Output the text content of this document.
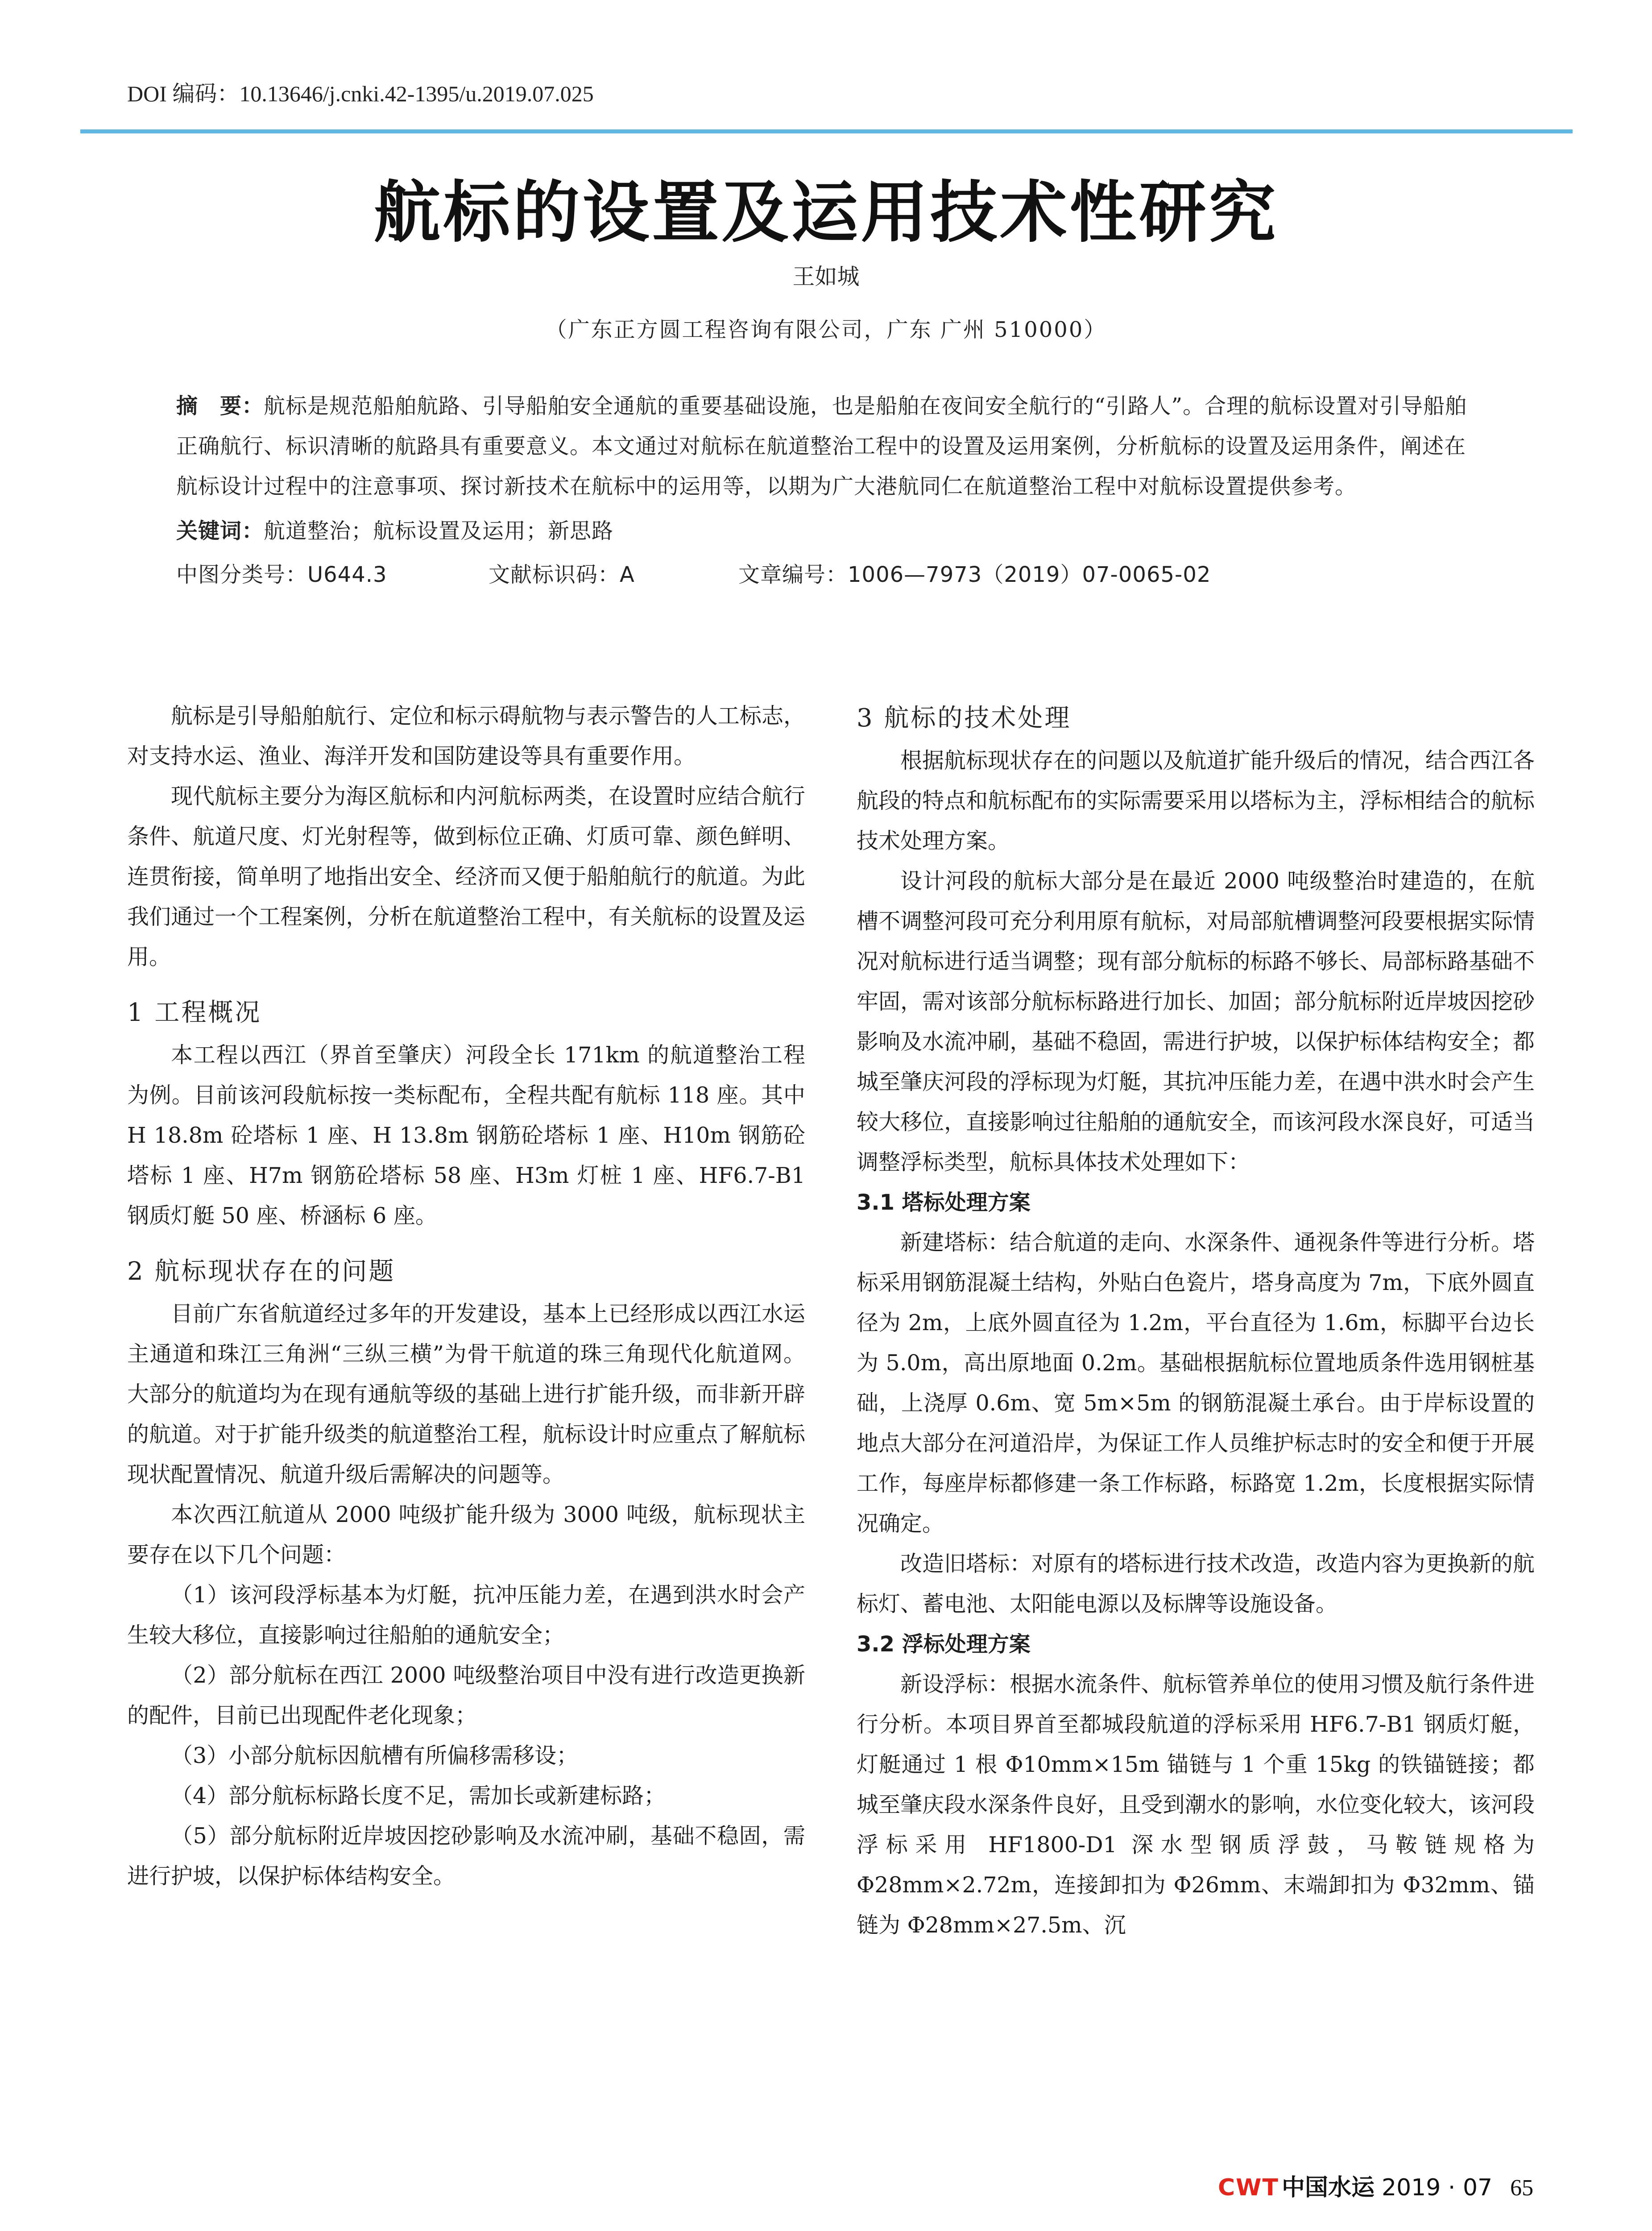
DOI 编码：10.13646/j.cnki.42-1395/u.2019.07.025
航标的设置及运用技术性研究
王如城
（广东正方圆工程咨询有限公司，广东 广州 510000）
摘　要：航标是规范船舶航路、引导船舶安全通航的重要基础设施，也是船舶在夜间安全航行的“引路人”。合理的航标设置对引导船舶正确航行、标识清晰的航路具有重要意义。本文通过对航标在航道整治工程中的设置及运用案例，分析航标的设置及运用条件，阐述在航标设计过程中的注意事项、探讨新技术在航标中的运用等，以期为广大港航同仁在航道整治工程中对航标设置提供参考。
关键词：航道整治；航标设置及运用；新思路
中图分类号：U644.3	文献标识码：A	文章编号：1006—7973（2019）07-0065-02

航标是引导船舶航行、定位和标示碍航物与表示警告的人工标志，对支持水运、渔业、海洋开发和国防建设等具有重要作用。

现代航标主要分为海区航标和内河航标两类，在设置时应结合航行条件、航道尺度、灯光射程等，做到标位正确、灯质可靠、颜色鲜明、连贯衔接，简单明了地指出安全、经济而又便于船舶航行的航道。为此我们通过一个工程案例，分析在航道整治工程中，有关航标的设置及运用。

1 工程概况

本工程以西江（界首至肇庆）河段全长 171km 的航道整治工程为例。目前该河段航标按一类标配布，全程共配有航标 118 座。其中 H 18.8m 砼塔标 1 座、H 13.8m 钢筋砼塔标 1 座、H10m 钢筋砼塔标 1 座、H7m 钢筋砼塔标 58 座、H3m 灯桩 1 座、HF6.7-B1 钢质灯艇 50 座、桥涵标 6 座。

2 航标现状存在的问题

目前广东省航道经过多年的开发建设，基本上已经形成以西江水运主通道和珠江三角洲“三纵三横”为骨干航道的珠三角现代化航道网。大部分的航道均为在现有通航等级的基础上进行扩能升级，而非新开辟的航道。对于扩能升级类的航道整治工程，航标设计时应重点了解航标现状配置情况、航道升级后需解决的问题等。

本次西江航道从 2000 吨级扩能升级为 3000 吨级，航标现状主要存在以下几个问题：

（1）该河段浮标基本为灯艇，抗冲压能力差，在遇到洪水时会产生较大移位，直接影响过往船舶的通航安全；

（2）部分航标在西江 2000 吨级整治项目中没有进行改造更换新的配件，目前已出现配件老化现象；

（3）小部分航标因航槽有所偏移需移设；

（4）部分航标标路长度不足，需加长或新建标路；

（5）部分航标附近岸坡因挖砂影响及水流冲刷，基础不稳固，需进行护坡，以保护标体结构安全。

3 航标的技术处理

根据航标现状存在的问题以及航道扩能升级后的情况，结合西江各航段的特点和航标配布的实际需要采用以塔标为主，浮标相结合的航标技术处理方案。

设计河段的航标大部分是在最近 2000 吨级整治时建造的，在航槽不调整河段可充分利用原有航标，对局部航槽调整河段要根据实际情况对航标进行适当调整；现有部分航标的标路不够长、局部标路基础不牢固，需对该部分航标标路进行加长、加固；部分航标附近岸坡因挖砂影响及水流冲刷，基础不稳固，需进行护坡，以保护标体结构安全；都城至肇庆河段的浮标现为灯艇，其抗冲压能力差，在遇中洪水时会产生较大移位，直接影响过往船舶的通航安全，而该河段水深良好，可适当调整浮标类型，航标具体技术处理如下：

3.1 塔标处理方案

新建塔标：结合航道的走向、水深条件、通视条件等进行分析。塔标采用钢筋混凝土结构，外贴白色瓷片，塔身高度为 7m，下底外圆直径为 2m，上底外圆直径为 1.2m，平台直径为 1.6m，标脚平台边长为 5.0m，高出原地面 0.2m。基础根据航标位置地质条件选用钢桩基础，上浇厚 0.6m、宽 5m×5m 的钢筋混凝土承台。由于岸标设置的地点大部分在河道沿岸，为保证工作人员维护标志时的安全和便于开展工作，每座岸标都修建一条工作标路，标路宽 1.2m，长度根据实际情况确定。

改造旧塔标：对原有的塔标进行技术改造，改造内容为更换新的航标灯、蓄电池、太阳能电源以及标牌等设施设备。

3.2 浮标处理方案

新设浮标：根据水流条件、航标管养单位的使用习惯及航行条件进行分析。本项目界首至都城段航道的浮标采用 HF6.7-B1 钢质灯艇，灯艇通过 1 根 Φ10mm×15m 锚链与 1 个重 15kg 的铁锚链接；都城至肇庆段水深条件良好，且受到潮水的影响，水位变化较大，该河段浮标采用 HF1800-D1 深水型钢质浮鼓，马鞍链规格为 Φ28mm×2.72m，连接卸扣为 Φ26mm、末端卸扣为 Φ32mm、锚链为 Φ28mm×27.5m、沉

CWT 中国水运 2019 · 07 65
